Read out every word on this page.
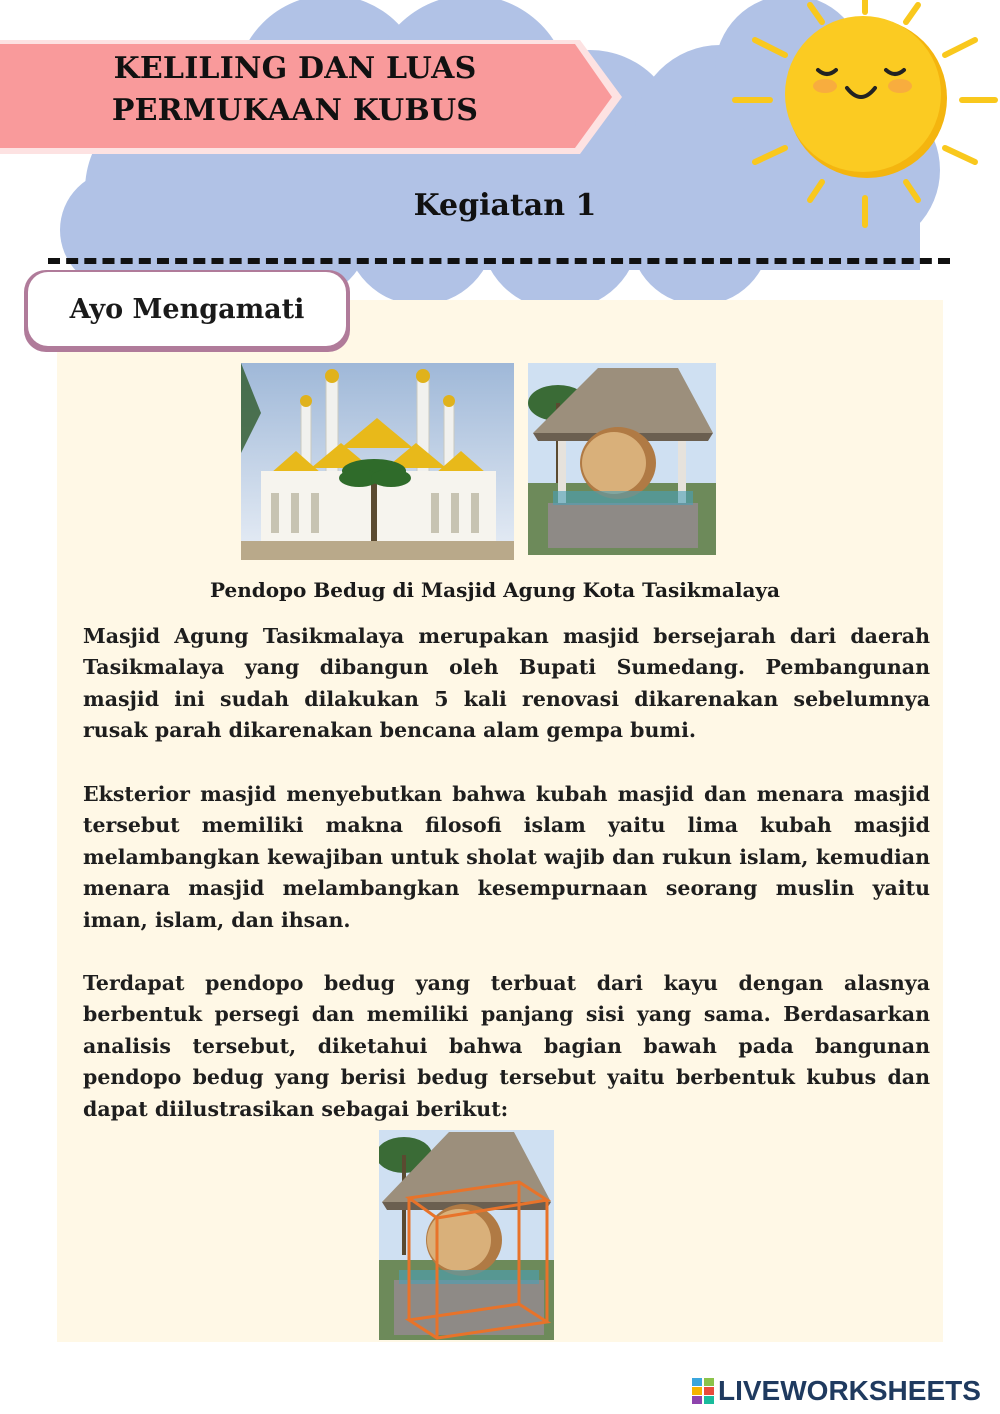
KELILING DAN LUAS
PERMUKAAN KUBUS
Kegiatan 1
Ayo Mengamati
Pendopo Bedug di Masjid Agung Kota Tasikmalaya

Masjid Agung Tasikmalaya merupakan masjid bersejarah dari daerah Tasikmalaya yang dibangun oleh Bupati Sumedang. Pembangunan masjid ini sudah dilakukan 5 kali renovasi dikarenakan sebelumnya rusak parah dikarenakan bencana alam gempa bumi.

Eksterior masjid menyebutkan bahwa kubah masjid dan menara masjid tersebut memiliki makna filosofi islam yaitu lima kubah masjid melambangkan kewajiban untuk sholat wajib dan rukun islam, kemudian menara masjid melambangkan kesempurnaan seorang muslin yaitu iman, islam, dan ihsan.

Terdapat pendopo bedug yang terbuat dari kayu dengan alasnya berbentuk persegi dan memiliki panjang sisi yang sama. Berdasarkan analisis tersebut, diketahui bahwa bagian bawah pada bangunan pendopo bedug yang berisi bedug tersebut yaitu berbentuk kubus dan dapat diilustrasikan sebagai berikut:

LIVEWORKSHEETS
